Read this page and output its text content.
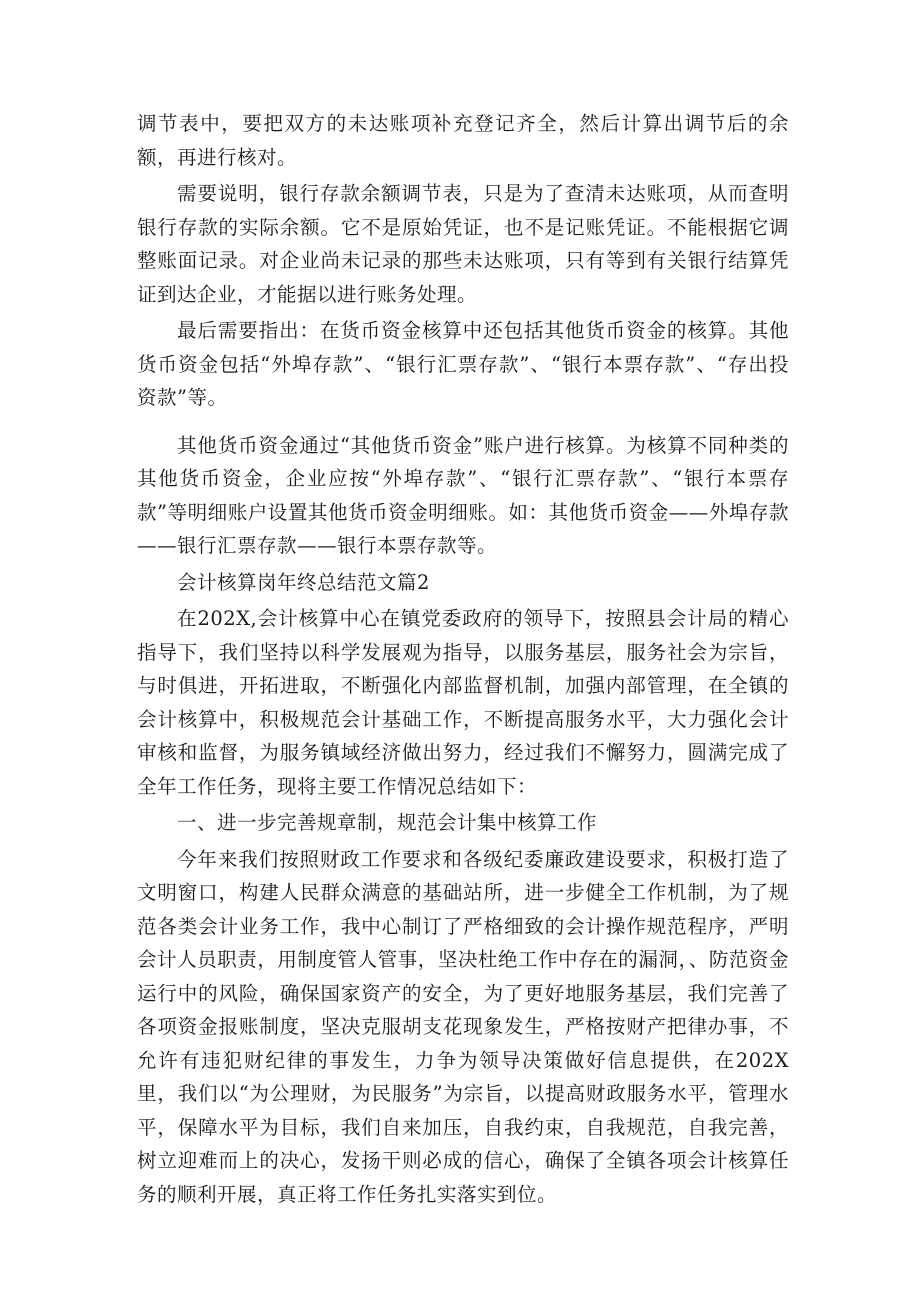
调节表中，要把双方的未达账项补充登记齐全，然后计算出调节后的余额，再进行核对。

需要说明，银行存款余额调节表，只是为了查清未达账项，从而查明银行存款的实际余额。它不是原始凭证，也不是记账凭证。不能根据它调整账面记录。对企业尚未记录的那些未达账项，只有等到有关银行结算凭证到达企业，才能据以进行账务处理。

最后需要指出：在货币资金核算中还包括其他货币资金的核算。其他货币资金包括“外埠存款”、“银行汇票存款”、“银行本票存款”、“存出投资款”等。

其他货币资金通过“其他货币资金”账户进行核算。为核算不同种类的其他货币资金，企业应按“外埠存款”、“银行汇票存款”、“银行本票存款”等明细账户设置其他货币资金明细账。如：其他货币资金——外埠存款——银行汇票存款——银行本票存款等。

会计核算岗年终总结范文篇2

在202X,会计核算中心在镇党委政府的领导下，按照县会计局的精心指导下，我们坚持以科学发展观为指导，以服务基层，服务社会为宗旨，与时俱进，开拓进取，不断强化内部监督机制，加强内部管理，在全镇的会计核算中，积极规范会计基础工作，不断提高服务水平，大力强化会计审核和监督，为服务镇域经济做出努力，经过我们不懈努力，圆满完成了全年工作任务，现将主要工作情况总结如下：

一、进一步完善规章制，规范会计集中核算工作

今年来我们按照财政工作要求和各级纪委廉政建设要求，积极打造了文明窗口，构建人民群众满意的基础站所，进一步健全工作机制，为了规范各类会计业务工作，我中心制订了严格细致的会计操作规范程序，严明会计人员职责，用制度管人管事，坚决杜绝工作中存在的漏洞，、防范资金运行中的风险，确保国家资产的安全，为了更好地服务基层，我们完善了各项资金报账制度，坚决克服胡支花现象发生，严格按财产把律办事，不允许有违犯财纪律的事发生，力争为领导决策做好信息提供，在202X里，我们以“为公理财，为民服务”为宗旨，以提高财政服务水平，管理水平，保障水平为目标，我们自来加压，自我约束，自我规范，自我完善，树立迎难而上的决心，发扬干则必成的信心，确保了全镇各项会计核算任务的顺利开展，真正将工作任务扎实落实到位。
